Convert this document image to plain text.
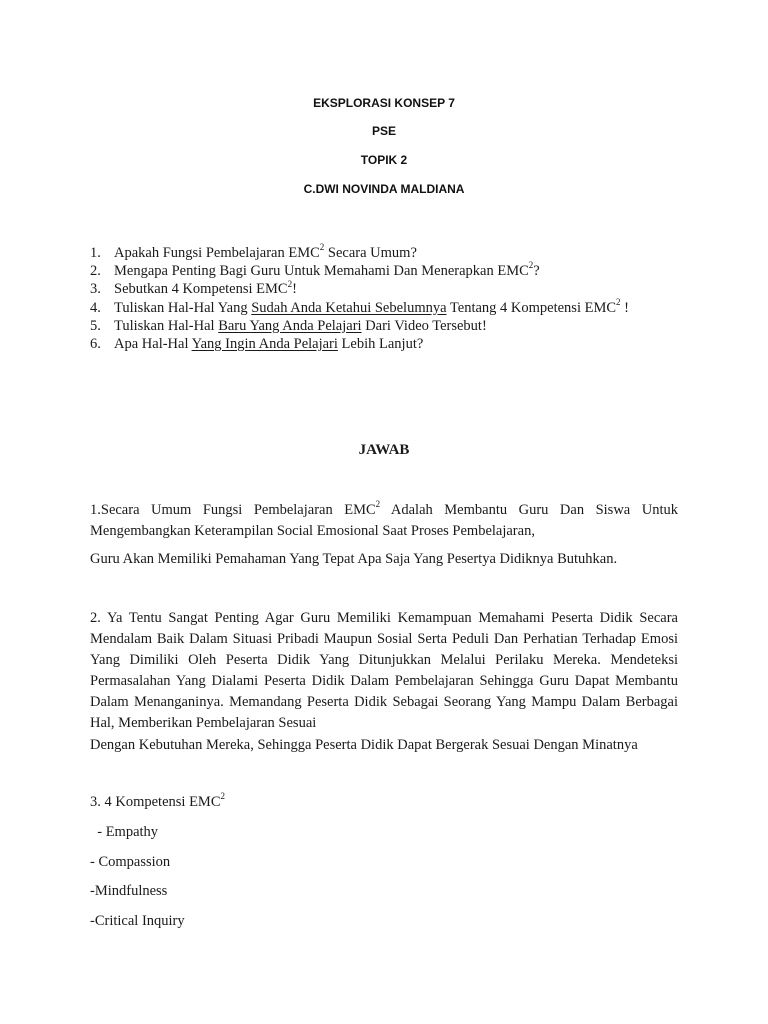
EKSPLORASI KONSEP 7
PSE
TOPIK 2
C.DWI NOVINDA MALDIANA
1. Apakah Fungsi Pembelajaran EMC$^2$ Secara Umum?
2. Mengapa Penting Bagi Guru Untuk Memahami Dan Menerapkan EMC$^2$?
3. Sebutkan 4 Kompetensi EMC$^2$!
4. Tuliskan Hal-Hal Yang Sudah Anda Ketahui Sebelumnya Tentang 4 Kompetensi EMC$^2$ !
5. Tuliskan Hal-Hal Baru Yang Anda Pelajari Dari Video Tersebut!
6. Apa Hal-Hal Yang Ingin Anda Pelajari Lebih Lanjut?
JAWAB
1.Secara Umum Fungsi Pembelajaran EMC$^2$ Adalah Membantu Guru Dan Siswa Untuk Mengembangkan Keterampilan Social Emosional Saat Proses Pembelajaran,
Guru Akan Memiliki Pemahaman Yang Tepat Apa Saja Yang Pesertya Didiknya Butuhkan.
2. Ya Tentu Sangat Penting Agar Guru Memiliki Kemampuan Memahami Peserta Didik Secara Mendalam Baik Dalam Situasi Pribadi Maupun Sosial Serta Peduli Dan Perhatian Terhadap Emosi Yang Dimiliki Oleh Peserta Didik Yang Ditunjukkan Melalui Perilaku Mereka. Mendeteksi Permasalahan Yang Dialami Peserta Didik Dalam Pembelajaran Sehingga Guru Dapat Membantu Dalam Menanganinya. Memandang Peserta Didik Sebagai Seorang Yang Mampu Dalam Berbagai Hal, Memberikan Pembelajaran Sesuai
Dengan Kebutuhan Mereka, Sehingga Peserta Didik Dapat Bergerak Sesuai Dengan Minatnya
3. 4 Kompetensi EMC$^2$
- Empathy
- Compassion
-Mindfulness
-Critical Inquiry
